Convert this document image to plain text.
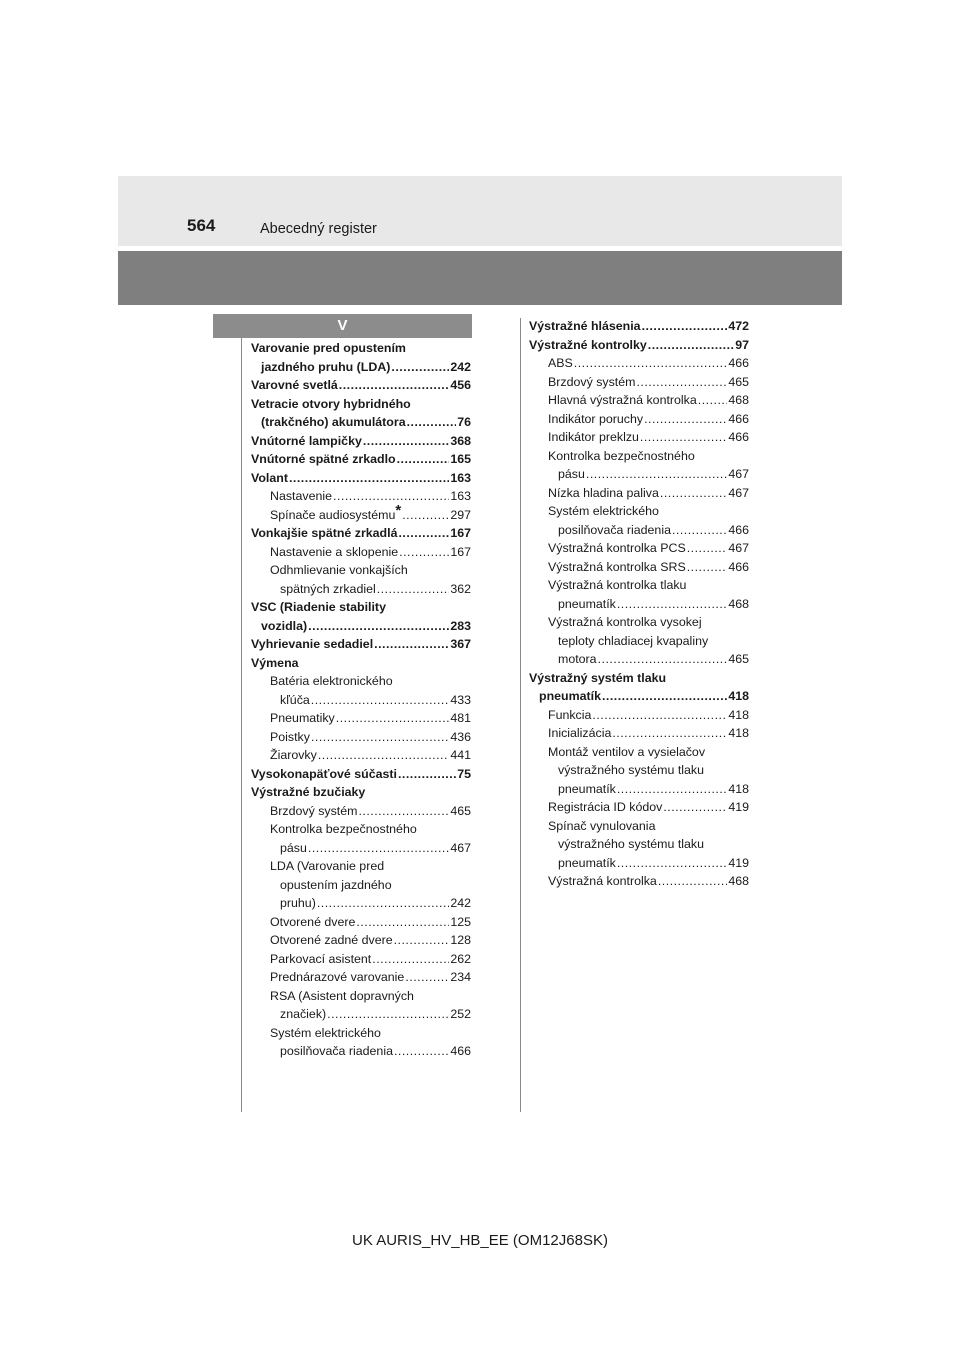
564	Abecedný register
V
Varovanie pred opustením
jazdného pruhu (LDA) .....	242
Varovné svetlá .....	456
Vetracie otvory hybridného
(trakčného) akumulátora .....	76
Vnútorné lampičky .....	368
Vnútorné spätné zrkadlo .....	165
Volant .....	163
Nastavenie .....	163
Spínače audiosystému* .....	297
Vonkajšie spätné zrkadlá .....	167
Nastavenie a sklopenie .....	167
Odhmlievanie vonkajších
spätných zrkadiel .....	362
VSC (Riadenie stability
vozidla) .....	283
Vyhrievanie sedadiel .....	367
Výmena
Batéria elektronického
kľúča .....	433
Pneumatiky .....	481
Poistky .....	436
Žiarovky .....	441
Vysokonapäťové súčasti .....	75
Výstražné bzučiaky
Brzdový systém .....	465
Kontrolka bezpečnostného
pásu .....	467
LDA (Varovanie pred
opustením jazdného
pruhu) .....	242
Otvorené dvere .....	125
Otvorené zadné dvere .....	128
Parkovací asistent .....	262
Prednárazové varovanie .....	234
RSA (Asistent dopravných
značiek) .....	252
Systém elektrického
posilňovača riadenia .....	466
Výstražné hlásenia .....	472
Výstražné kontrolky .....	97
ABS .....	466
Brzdový systém .....	465
Hlavná výstražná kontrolka .....	468
Indikátor poruchy .....	466
Indikátor preklzu .....	466
Kontrolka bezpečnostného
pásu .....	467
Nízka hladina paliva .....	467
Systém elektrického
posilňovača riadenia .....	466
Výstražná kontrolka PCS .....	467
Výstražná kontrolka SRS .....	466
Výstražná kontrolka tlaku
pneumatík .....	468
Výstražná kontrolka vysokej
teploty chladiacej kvapaliny
motora .....	465
Výstražný systém tlaku
pneumatík .....	418
Funkcia .....	418
Inicializácia .....	418
Montáž ventilov a vysielačov
výstražného systému tlaku
pneumatík .....	418
Registrácia ID kódov .....	419
Spínač vynulovania
výstražného systému tlaku
pneumatík .....	419
Výstražná kontrolka .....	468
UK AURIS_HV_HB_EE (OM12J68SK)
